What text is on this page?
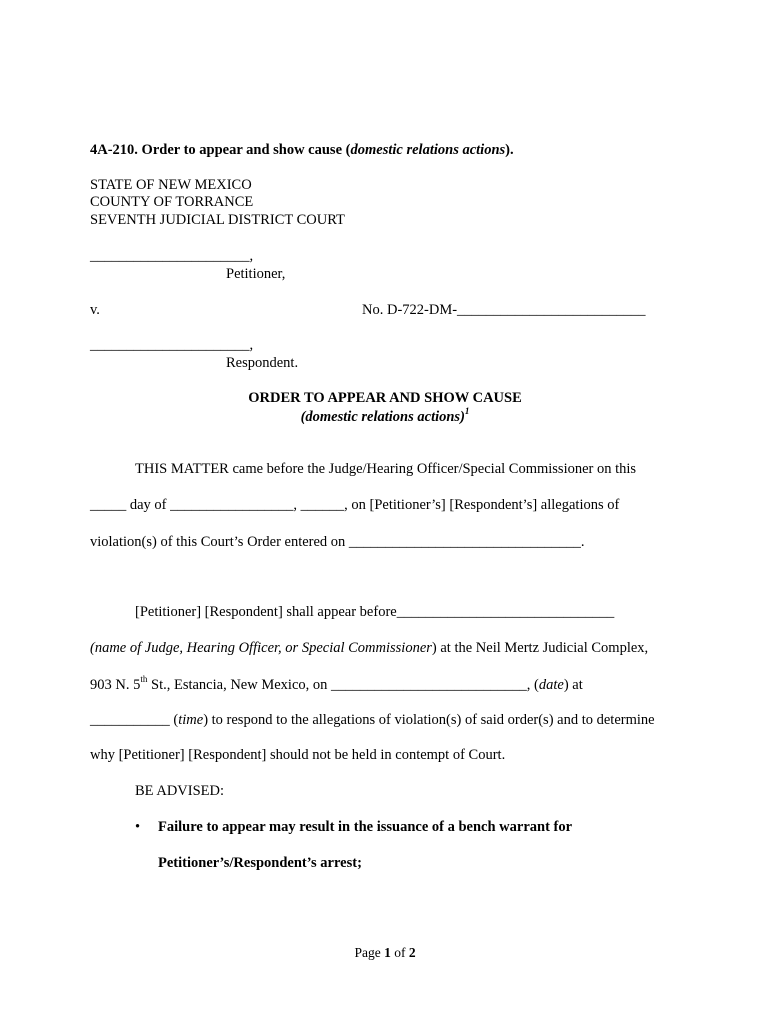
4A-210. Order to appear and show cause (domestic relations actions).
STATE OF NEW MEXICO
COUNTY OF TORRANCE
SEVENTH JUDICIAL DISTRICT COURT
______________________,
Petitioner,
v.	No. D-722-DM-__________________________
______________________,
Respondent.
ORDER TO APPEAR AND SHOW CAUSE
(domestic relations actions)$^1$
THIS MATTER came before the Judge/Hearing Officer/Special Commissioner on this
_____ day of _________________, ______, on [Petitioner’s] [Respondent’s] allegations of
violation(s) of this Court’s Order entered on ________________________________.
[Petitioner] [Respondent] shall appear before______________________________
(name of Judge, Hearing Officer, or Special Commissioner) at the Neil Mertz Judicial Complex,
903 N. 5th St., Estancia, New Mexico, on ___________________________, (date) at
___________ (time) to respond to the allegations of violation(s) of said order(s) and to determine
why [Petitioner] [Respondent] should not be held in contempt of Court.
BE ADVISED:
• Failure to appear may result in the issuance of a bench warrant for
Petitioner’s/Respondent’s arrest;
Page 1 of 2
